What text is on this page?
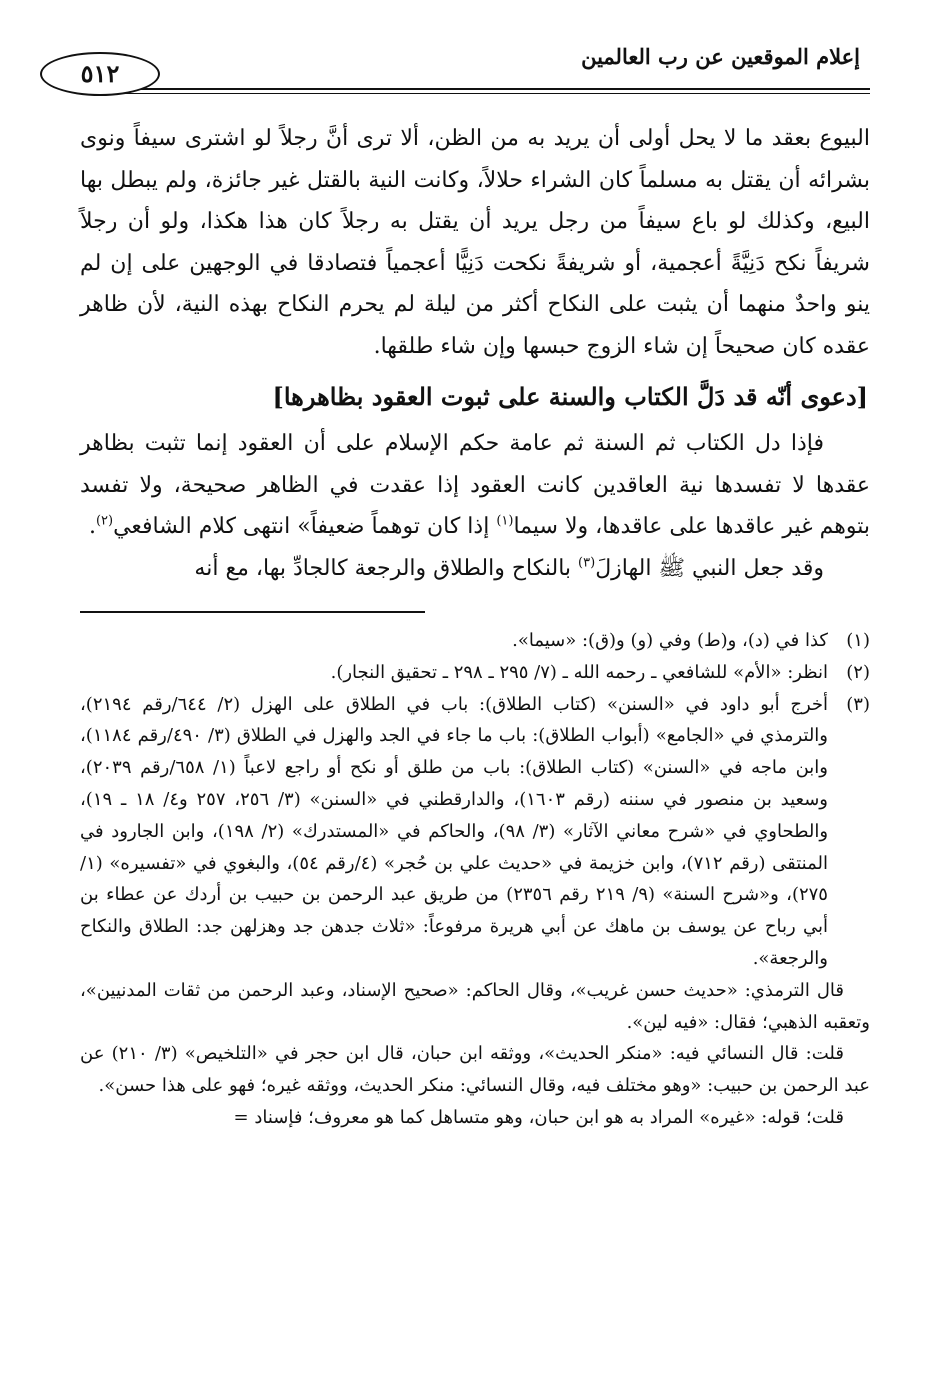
إعلام الموقعين عن رب العالمين
٥١٢

البيوع بعقد ما لا يحل أولى أن يريد به من الظن، ألا ترى أنَّ رجلاً لو اشترى سيفاً ونوى بشرائه أن يقتل به مسلماً كان الشراء حلالاً، وكانت النية بالقتل غير جائزة، ولم يبطل بها البيع، وكذلك لو باع سيفاً من رجل يريد أن يقتل به رجلاً كان هذا هكذا، ولو أن رجلاً شريفاً نكح دَنِيَّةً أعجمية، أو شريفةً نكحت دَنِيًّا أعجمياً فتصادقا في الوجهين على إن لم ينو واحدٌ منهما أن يثبت على النكاح أكثر من ليلة لم يحرم النكاح بهذه النية، لأن ظاهر عقده كان صحيحاً إن شاء الزوج حبسها وإن شاء طلقها.

[دعوى أنّه قد دَلَّ الكتاب والسنة على ثبوت العقود بظاهرها]

فإذا دل الكتاب ثم السنة ثم عامة حكم الإسلام على أن العقود إنما تثبت بظاهر عقدها لا تفسدها نية العاقدين كانت العقود إذا عقدت في الظاهر صحيحة، ولا تفسد بتوهم غير عاقدها على عاقدها، ولا سيما$^{(١)}$ إذا كان توهماً ضعيفاً» انتهى كلام الشافعي$^{(٢)}$.

وقد جعل النبي ﷺ الهازلَ$^{(٣)}$ بالنكاح والطلاق والرجعة كالجادِّ بها، مع أنه

(١)
كذا في (د)، و(ط) وفي (و) و(ق): «سيما».
(٢)
انظر: «الأم» للشافعي ـ رحمه الله ـ (٧/ ٢٩٥ ـ ٢٩٨ ـ تحقيق النجار).
(٣)
أخرج أبو داود في «السنن» (كتاب الطلاق): باب في الطلاق على الهزل (٢/ ٦٤٤/رقم ٢١٩٤)، والترمذي في «الجامع» (أبواب الطلاق): باب ما جاء في الجد والهزل في الطلاق (٣/ ٤٩٠/رقم ١١٨٤)، وابن ماجه في «السنن» (كتاب الطلاق): باب من طلق أو نكح أو راجع لاعباً (١/ ٦٥٨/رقم ٢٠٣٩)، وسعيد بن منصور في سننه (رقم ١٦٠٣)، والدارقطني في «السنن» (٣/ ٢٥٦، ٢٥٧ و٤/ ١٨ ـ ١٩)، والطحاوي في «شرح معاني الآثار» (٣/ ٩٨)، والحاكم في «المستدرك» (٢/ ١٩٨)، وابن الجارود في المنتقى (رقم ٧١٢)، وابن خزيمة في «حديث علي بن حُجر» (٤/رقم ٥٤)، والبغوي في «تفسيره» (١/ ٢٧٥)، و«شرح السنة» (٩/ ٢١٩ رقم ٢٣٥٦) من طريق عبد الرحمن بن حبيب بن أردك عن عطاء بن أبي رباح عن يوسف بن ماهك عن أبي هريرة مرفوعاً: «ثلاث جدهن جد وهزلهن جد: الطلاق والنكاح والرجعة».

قال الترمذي: «حديث حسن غريب»، وقال الحاكم: «صحيح الإسناد، وعبد الرحمن من ثقات المدنيين»، وتعقبه الذهبي؛ فقال: «فيه لين».

قلت: قال النسائي فيه: «منكر الحديث»، ووثقه ابن حبان، قال ابن حجر في «التلخيص» (٣/ ٢١٠) عن عبد الرحمن بن حبيب: «وهو مختلف فيه، وقال النسائي: منكر الحديث، ووثقه غيره؛ فهو على هذا حسن».

قلت؛ قوله: «غيره» المراد به هو ابن حبان، وهو متساهل كما هو معروف؛ فإسناد =
